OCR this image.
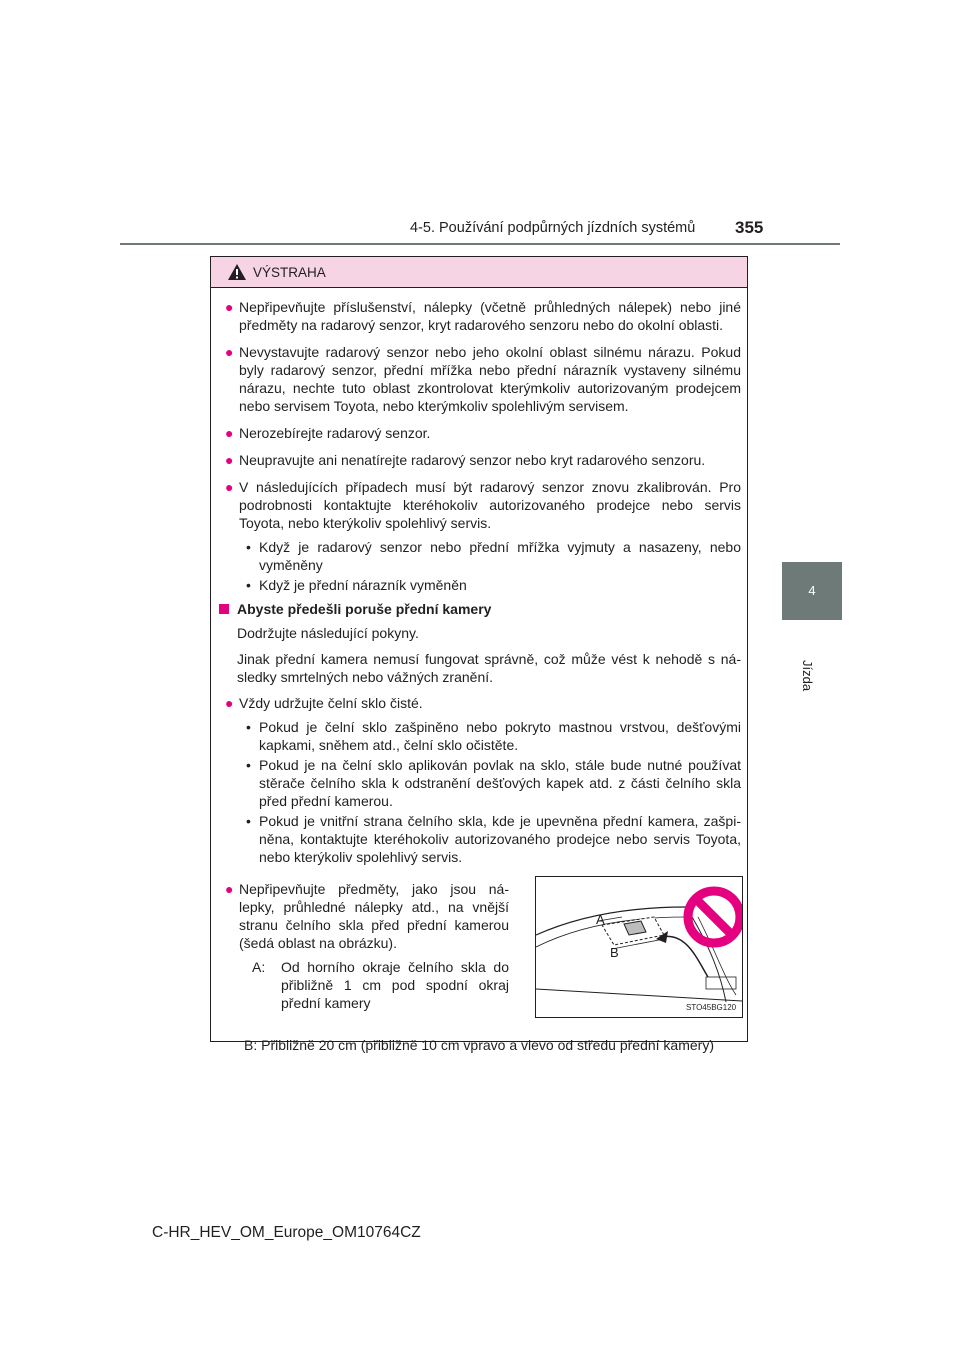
4-5. Používání podpůrných jízdních systémů 355
4
Jízda
VÝSTRAHA
● Nepřipevňujte příslušenství, nálepky (včetně průhledných nálepek) nebo jiné předměty na radarový senzor, kryt radarového senzoru nebo do okolní oblasti.
● Nevystavujte radarový senzor nebo jeho okolní oblast silnému nárazu. Pokud byly radarový senzor, přední mřížka nebo přední nárazník vystaveny silnému nárazu, nechte tuto oblast zkontrolovat kterýmkoliv autorizovaným prodejcem nebo servisem Toyota, nebo kterýmkoliv spolehlivým servisem.
● Nerozebírejte radarový senzor.
● Neupravujte ani nenatírejte radarový senzor nebo kryt radarového senzoru.
● V následujících případech musí být radarový senzor znovu zkalibrován. Pro podrobnosti kontaktujte kteréhokoliv autorizovaného prodejce nebo servis Toyota, nebo kterýkoliv spolehlivý servis.
• Když je radarový senzor nebo přední mřížka vyjmuty a nasazeny, nebo vyměněny
• Když je přední nárazník vyměněn
Abyste předešli poruše přední kamery
Dodržujte následující pokyny.
Jinak přední kamera nemusí fungovat správně, což může vést k nehodě s ná-sledky smrtelných nebo vážných zranění.
● Vždy udržujte čelní sklo čisté.
• Pokud je čelní sklo zašpiněno nebo pokryto mastnou vrstvou, dešťovými kapkami, sněhem atd., čelní sklo očistěte.
• Pokud je na čelní sklo aplikován povlak na sklo, stále bude nutné používat stěrače čelního skla k odstranění dešťových kapek atd. z části čelního skla před přední kamerou.
• Pokud je vnitřní strana čelního skla, kde je upevněna přední kamera, zašpi-něna, kontaktujte kteréhokoliv autorizovaného prodejce nebo servis Toyota, nebo kterýkoliv spolehlivý servis.
● Nepřipevňujte předměty, jako jsou ná-lepky, průhledné nálepky atd., na vnější stranu čelního skla před přední kamerou (šedá oblast na obrázku).
A: Od horního okraje čelního skla do přibližně 1 cm pod spodní okraj přední kamery
A
B
STO45BG120
B: Přibližně 20 cm (přibližně 10 cm vpravo a vlevo od středu přední kamery)
C-HR_HEV_OM_Europe_OM10764CZ
